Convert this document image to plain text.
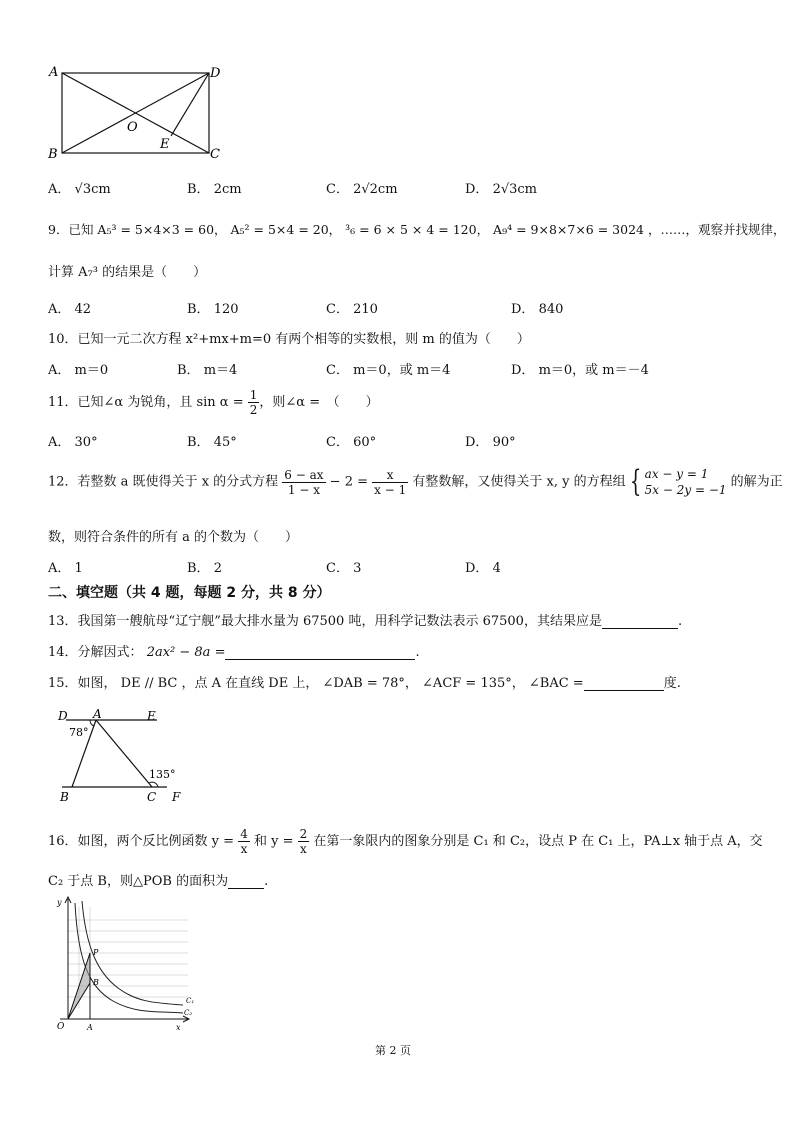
A
B	C
D
O
E
A． √3cm	B． 2cm	C． 2√2cm	D． 2√3cm
9．已知 A₅³ = 5×4×3 = 60， A₅² = 5×4 = 20， ³₆ = 6 × 5 × 4 = 120， A₉⁴ = 9×8×7×6 = 3024 ，……，观察并找规律，
计算 A₇³ 的结果是（　　）
A． 42	B． 120	C． 210	D． 840
10．已知一元二次方程 x²+mx+m=0 有两个相等的实数根，则 m 的值为（　　）
A． m＝0	B． m＝4	C． m＝0，或 m＝4	D． m＝0，或 m＝－4
11．已知∠α 为锐角，且 $\sin \alpha = \frac{1}{2}$ ，则∠α =　（　　）
A． 30°	B． 45°	C． 60°	D． 90°
12．若整数 a 既使得关于 x 的分式方程 $\frac{6 - ax}{1 - x} - 2 = \frac{x}{x - 1}$ 有整数解，又使得关于 x, y 的方程组 { ax − y = 1
5x − 2y = −1
的解为正
数，则符合条件的所有 a 的个数为（　　）
A． 1	B． 2	C． 3	D． 4
二、填空题（共 4 题，每题 2 分，共 8 分）
13．我国第一艘航母“辽宁舰”最大排水量为 67500 吨，用科学记数法表示 67500，其结果应是	.
14．分解因式： 2ax² − 8a =	.
15．如图， DE // BC ，点 A 在直线 DE 上， ∠DAB = 78°， ∠ACF = 135°， ∠BAC =	度.
D A	E
B	C F
78°
135°
16．如图，两个反比例函数 $y = \frac{4}{x}$ 和 $y = \frac{2}{x}$ 在第一象限内的图象分别是 C₁ 和 C₂，设点 P 在 C₁ 上，PA⊥x 轴于点 A，交
C₂ 于点 B，则△POB 的面积为	.
y
x
O	A
P
B
C₁
C₂
第 2 页
